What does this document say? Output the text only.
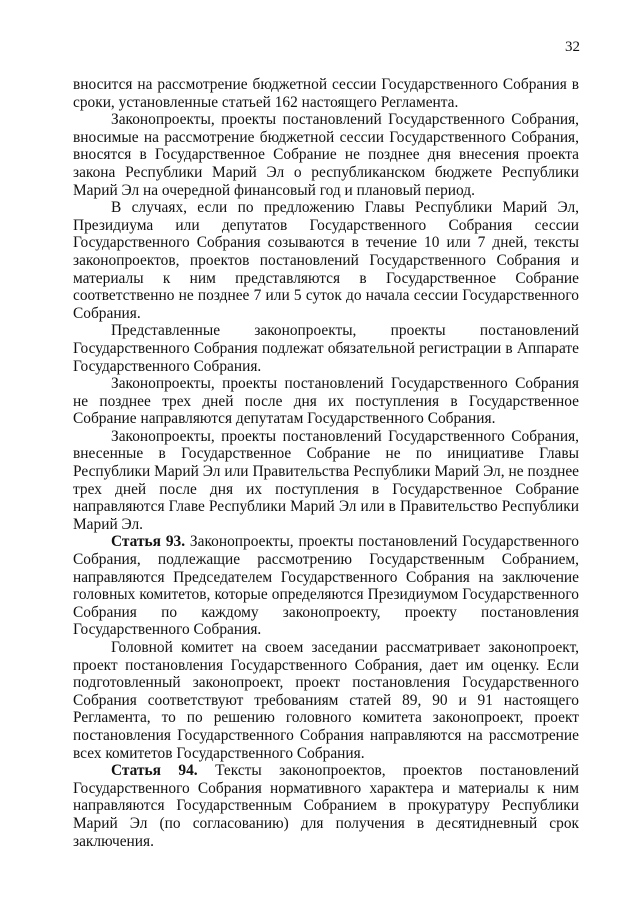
32

вносится на рассмотрение бюджетной сессии Государственного Собрания в сроки, установленные статьей 162 настоящего Регламента.

Законопроекты, проекты постановлений Государственного Собрания, вносимые на рассмотрение бюджетной сессии Государственного Собрания, вносятся в Государственное Собрание не позднее дня внесения проекта закона Республики Марий Эл о республиканском бюджете Республики Марий Эл на очередной финансовый год и плановый период.

В случаях, если по предложению Главы Республики Марий Эл, Президиума или депутатов Государственного Собрания сессии Государственного Собрания созываются в течение 10 или 7 дней, тексты законопроектов, проектов постановлений Государственного Собрания и материалы к ним представляются в Государственное Собрание соответственно не позднее 7 или 5 суток до начала сессии Государственного Собрания.

Представленные законопроекты, проекты постановлений Государственного Собрания подлежат обязательной регистрации в Аппарате Государственного Собрания.

Законопроекты, проекты постановлений Государственного Собрания не позднее трех дней после дня их поступления в Государственное Собрание направляются депутатам Государственного Собрания.

Законопроекты, проекты постановлений Государственного Собрания, внесенные в Государственное Собрание не по инициативе Главы Республики Марий Эл или Правительства Республики Марий Эл, не позднее трех дней после дня их поступления в Государственное Собрание направляются Главе Республики Марий Эл или в Правительство Республики Марий Эл.

Статья 93. Законопроекты, проекты постановлений Государственного Собрания, подлежащие рассмотрению Государственным Собранием, направляются Председателем Государственного Собрания на заключение головных комитетов, которые определяются Президиумом Государственного Собрания по каждому законопроекту, проекту постановления Государственного Собрания.

Головной комитет на своем заседании рассматривает законопроект, проект постановления Государственного Собрания, дает им оценку. Если подготовленный законопроект, проект постановления Государственного Собрания соответствуют требованиям статей 89, 90 и 91 настоящего Регламента, то по решению головного комитета законопроект, проект постановления Государственного Собрания направляются на рассмотрение всех комитетов Государственного Собрания.

Статья 94. Тексты законопроектов, проектов постановлений Государственного Собрания нормативного характера и материалы к ним направляются Государственным Собранием в прокуратуру Республики Марий Эл (по согласованию) для получения в десятидневный срок заключения.
